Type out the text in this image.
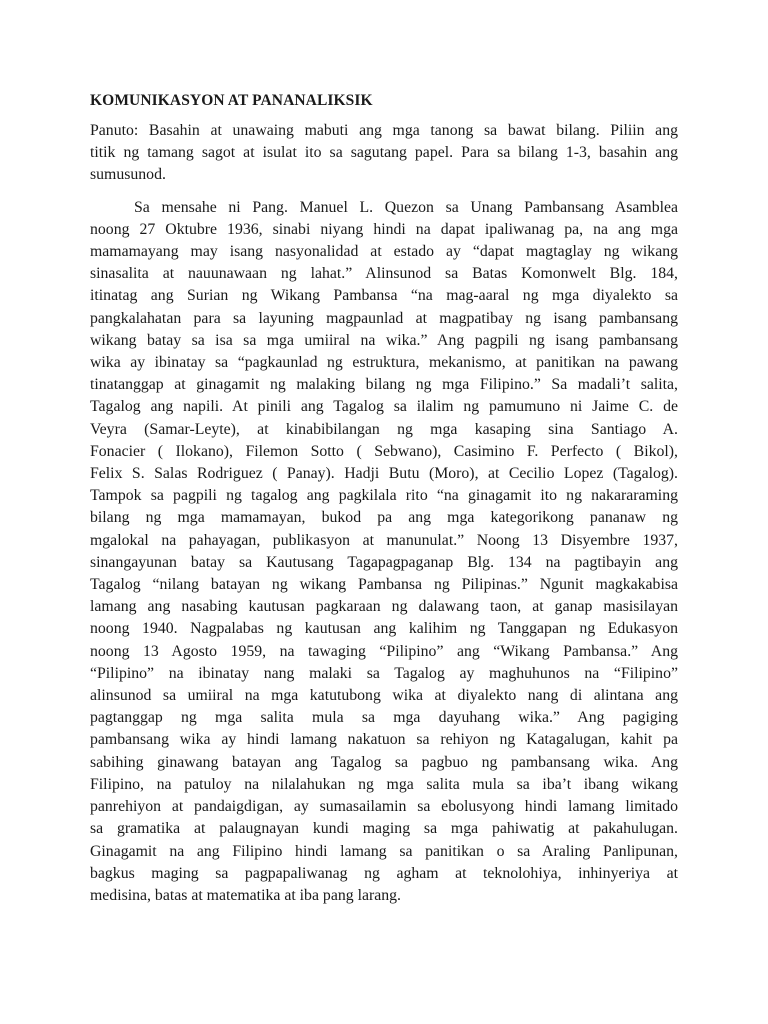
KOMUNIKASYON AT PANANALIKSIK

Panuto: Basahin at unawaing mabuti ang mga tanong sa bawat bilang. Piliin ang
titik ng tamang sagot at isulat ito sa sagutang papel. Para sa bilang 1-3, basahin ang
sumusunod.

Sa mensahe ni Pang. Manuel L. Quezon sa Unang Pambansang Asamblea
noong 27 Oktubre 1936, sinabi niyang hindi na dapat ipaliwanag pa, na ang mga
mamamayang may isang nasyonalidad at estado ay “dapat magtaglay ng wikang
sinasalita at nauunawaan ng lahat.” Alinsunod sa Batas Komonwelt Blg. 184,
itinatag ang Surian ng Wikang Pambansa “na mag-aaral ng mga diyalekto sa
pangkalahatan para sa layuning magpaunlad at magpatibay ng isang pambansang
wikang batay sa isa sa mga umiiral na wika.” Ang pagpili ng isang pambansang
wika ay ibinatay sa “pagkaunlad ng estruktura, mekanismo, at panitikan na pawang
tinatanggap at ginagamit ng malaking bilang ng mga Filipino.” Sa madali’t salita,
Tagalog ang napili. At pinili ang Tagalog sa ilalim ng pamumuno ni Jaime C. de
Veyra (Samar-Leyte), at kinabibilangan ng mga kasaping sina Santiago A.
Fonacier ( Ilokano), Filemon Sotto ( Sebwano), Casimino F. Perfecto ( Bikol),
Felix S. Salas Rodriguez ( Panay). Hadji Butu (Moro), at Cecilio Lopez (Tagalog).
Tampok sa pagpili ng tagalog ang pagkilala rito “na ginagamit ito ng nakararaming
bilang ng mga mamamayan, bukod pa ang mga kategorikong pananaw ng
mgalokal na pahayagan, publikasyon at manunulat.” Noong 13 Disyembre 1937,
sinangayunan batay sa Kautusang Tagapagpaganap Blg. 134 na pagtibayin ang
Tagalog “nilang batayan ng wikang Pambansa ng Pilipinas.” Ngunit magkakabisa
lamang ang nasabing kautusan pagkaraan ng dalawang taon, at ganap masisilayan
noong 1940. Nagpalabas ng kautusan ang kalihim ng Tanggapan ng Edukasyon
noong 13 Agosto 1959, na tawaging “Pilipino” ang “Wikang Pambansa.” Ang
“Pilipino” na ibinatay nang malaki sa Tagalog ay maghuhunos na “Filipino”
alinsunod sa umiiral na mga katutubong wika at diyalekto nang di alintana ang
pagtanggap ng mga salita mula sa mga dayuhang wika.” Ang pagiging
pambansang wika ay hindi lamang nakatuon sa rehiyon ng Katagalugan, kahit pa
sabihing ginawang batayan ang Tagalog sa pagbuo ng pambansang wika. Ang
Filipino, na patuloy na nilalahukan ng mga salita mula sa iba’t ibang wikang
panrehiyon at pandaigdigan, ay sumasailamin sa ebolusyong hindi lamang limitado
sa gramatika at palaugnayan kundi maging sa mga pahiwatig at pakahulugan.
Ginagamit na ang Filipino hindi lamang sa panitikan o sa Araling Panlipunan,
bagkus maging sa pagpapaliwanag ng agham at teknolohiya, inhinyeriya at
medisina, batas at matematika at iba pang larang.
